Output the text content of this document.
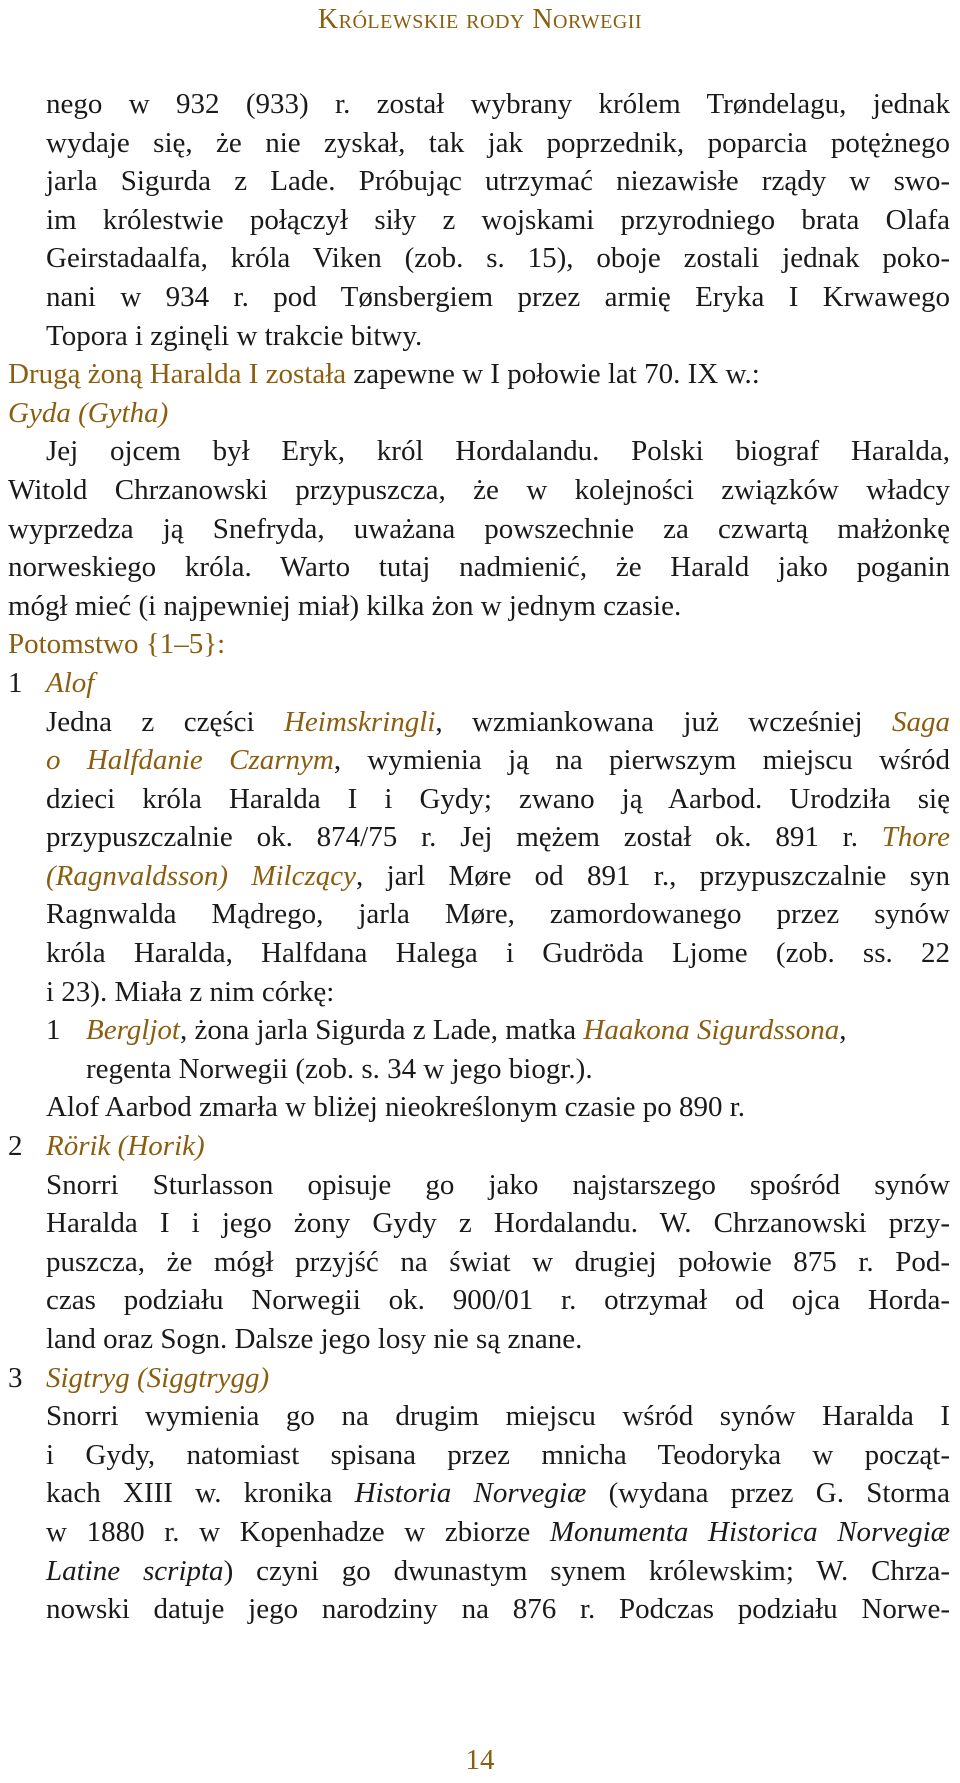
Królewskie rody Norwegii
nego w 932 (933) r. został wybrany królem Trøndelagu, jednak
wydaje się, że nie zyskał, tak jak poprzednik, poparcia potężnego
jarla Sigurda z Lade. Próbując utrzymać niezawisłe rządy w swo-
im królestwie połączył siły z wojskami przyrodniego brata Olafa
Geirstadaalfa, króla Viken (zob. s. 15), oboje zostali jednak poko-
nani w 934 r. pod Tønsbergiem przez armię Eryka I Krwawego
Topora i zginęli w trakcie bitwy.
Drugą żoną Haralda I została zapewne w I połowie lat 70. IX w.:
Gyda (Gytha)
Jej ojcem był Eryk, król Hordalandu. Polski biograf Haralda,
Witold Chrzanowski przypuszcza, że w kolejności związków władcy
wyprzedza ją Snefryda, uważana powszechnie za czwartą małżonkę
norweskiego króla. Warto tutaj nadmienić, że Harald jako poganin
mógł mieć (i najpewniej miał) kilka żon w jednym czasie.
Potomstwo {1–5}:
1 Alof
Jedna z części Heimskringli, wzmiankowana już wcześniej Saga
o Halfdanie Czarnym, wymienia ją na pierwszym miejscu wśród
dzieci króla Haralda I i Gydy; zwano ją Aarbod. Urodziła się
przypuszczalnie ok. 874/75 r. Jej mężem został ok. 891 r. Thore
(Ragnvaldsson) Milczący, jarl Møre od 891 r., przypuszczalnie syn
Ragnwalda Mądrego, jarla Møre, zamordowanego przez synów
króla Haralda, Halfdana Halega i Gudröda Ljome (zob. ss. 22
i 23). Miała z nim córkę:
1 Bergljot, żona jarla Sigurda z Lade, matka Haakona Sigurdssona,
regenta Norwegii (zob. s. 34 w jego biogr.).
Alof Aarbod zmarła w bliżej nieokreślonym czasie po 890 r.
2 Rörik (Horik)
Snorri Sturlasson opisuje go jako najstarszego spośród synów
Haralda I i jego żony Gydy z Hordalandu. W. Chrzanowski przy-
puszcza, że mógł przyjść na świat w drugiej połowie 875 r. Pod-
czas podziału Norwegii ok. 900/01 r. otrzymał od ojca Horda-
land oraz Sogn. Dalsze jego losy nie są znane.
3 Sigtryg (Siggtrygg)
Snorri wymienia go na drugim miejscu wśród synów Haralda I
i Gydy, natomiast spisana przez mnicha Teodoryka w począt-
kach XIII w. kronika Historia Norvegiæ (wydana przez G. Storma
w 1880 r. w Kopenhadze w zbiorze Monumenta Historica Norvegiæ
Latine scripta) czyni go dwunastym synem królewskim; W. Chrza-
nowski datuje jego narodziny na 876 r. Podczas podziału Norwe-
14
